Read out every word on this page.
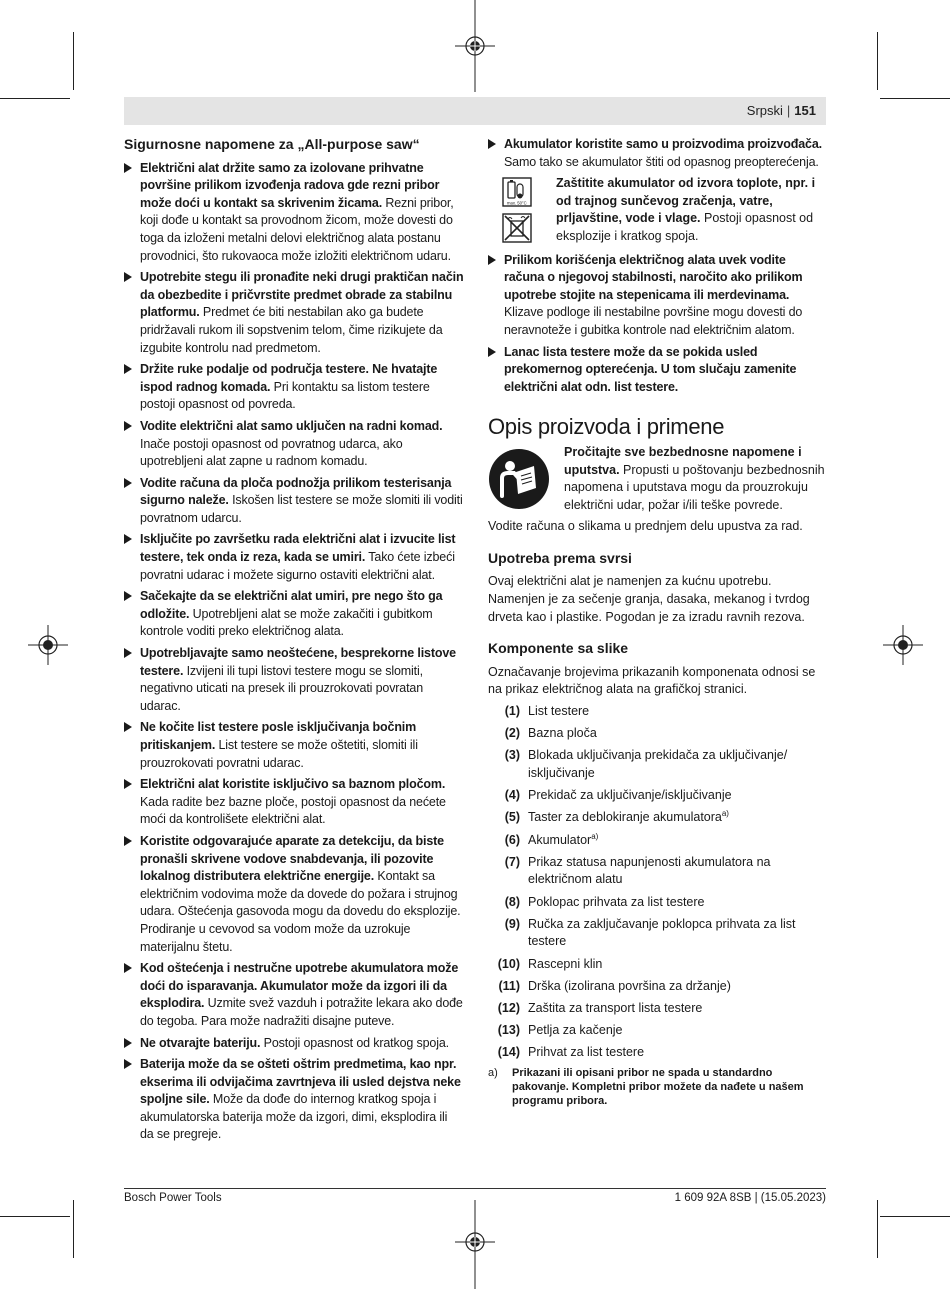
Srpski | 151
Sigurnosne napomene za „All-purpose saw“
Električni alat držite samo za izolovane prihvatne površine prilikom izvođenja radova gde rezni pribor može doći u kontakt sa skrivenim žicama. Rezni pribor, koji dođe u kontakt sa provodnom žicom, može dovesti do toga da izloženi metalni delovi električnog alata postanu provodnici, što rukovaoca može izložiti električnom udaru.
Upotrebite stegu ili pronađite neki drugi praktičan način da obezbedite i pričvrstite predmet obrade za stabilnu platformu. Predmet će biti nestabilan ako ga budete pridržavali rukom ili sopstvenim telom, čime rizikujete da izgubite kontrolu nad predmetom.
Držite ruke podalje od područja testere. Ne hvatajte ispod radnog komada. Pri kontaktu sa listom testere postoji opasnost od povreda.
Vodite električni alat samo uključen na radni komad. Inače postoji opasnost od povratnog udarca, ako upotrebljeni alat zapne u radnom komadu.
Vodite računa da ploča podnožja prilikom testerisanja sigurno naleže. Iskošen list testere se može slomiti ili voditi povratnom udarcu.
Isključite po završetku rada električni alat i izvucite list testere, tek onda iz reza, kada se umiri. Tako ćete izbeći povratni udarac i možete sigurno ostaviti električni alat.
Sačekajte da se električni alat umiri, pre nego što ga odložite. Upotrebljeni alat se može zakačiti i gubitkom kontrole voditi preko električnog alata.
Upotrebljavajte samo neoštećene, besprekorne listove testere. Izvijeni ili tupi listovi testere mogu se slomiti, negativno uticati na presek ili prouzrokovati povratan udarac.
Ne kočite list testere posle isključivanja bočnim pritiskanjem. List testere se može oštetiti, slomiti ili prouzrokovati povratni udarac.
Električni alat koristite isključivo sa baznom pločom. Kada radite bez bazne ploče, postoji opasnost da nećete moći da kontrolišete električni alat.
Koristite odgovarajuće aparate za detekciju, da biste pronašli skrivene vodove snabdevanja, ili pozovite lokalnog distributera električne energije. Kontakt sa električnim vodovima može da dovede do požara i strujnog udara. Oštećenja gasovoda mogu da dovedu do eksplozije. Prodiranje u cevovod sa vodom može da uzrokuje materijalnu štetu.
Kod oštećenja i nestručne upotrebe akumulatora može doći do isparavanja. Akumulator može da izgori ili da eksplodira. Uzmite svež vazduh i potražite lekara ako dođe do tegoba. Para može nadražiti disajne puteve.
Ne otvarajte bateriju. Postoji opasnost od kratkog spoja.
Baterija može da se ošteti oštrim predmetima, kao npr. ekserima ili odvijačima zavrtnjeva ili usled dejstva neke spoljne sile. Može da dođe do internog kratkog spoja i akumulatorska baterija može da izgori, dimi, eksplodira ili da se pregreje.
Akumulator koristite samo u proizvodima proizvođača. Samo tako se akumulator štiti od opasnog preopterećenja.
max. 50°C
Zaštitite akumulator od izvora toplote, npr. i od trajnog sunčevog zračenja, vatre, prljavštine, vode i vlage. Postoji opasnost od eksplozije i kratkog spoja.
Prilikom korišćenja električnog alata uvek vodite računa o njegovoj stabilnosti, naročito ako prilikom upotrebe stojite na stepenicama ili merdevinama. Klizave podloge ili nestabilne površine mogu dovesti do neravnoteže i gubitka kontrole nad električnim alatom.
Lanac lista testere može da se pokida usled prekomernog opterećenja. U tom slučaju zamenite električni alat odn. list testere.
Opis proizvoda i primene
Pročitajte sve bezbednosne napomene i uputstva. Propusti u poštovanju bezbednosnih napomena i uputstava mogu da prouzrokuju električni udar, požar i/ili teške povrede.
Vodite računa o slikama u prednjem delu upustva za rad.
Upotreba prema svrsi
Ovaj električni alat je namenjen za kućnu upotrebu. Namenjen je za sečenje granja, dasaka, mekanog i tvrdog drveta kao i plastike. Pogodan je za izradu ravnih rezova.
Komponente sa slike
Označavanje brojevima prikazanih komponenata odnosi se na prikaz električnog alata na grafičkoj stranici.
(1) List testere
(2) Bazna ploča
(3) Blokada uključivanja prekidača za uključivanje/ isključivanje
(4) Prekidač za uključivanje/isključivanje
(5) Taster za deblokiranje akumulatora$^{a)}$
(6) Akumulator$^{a)}$
(7) Prikaz statusa napunjenosti akumulatora na električnom alatu
(8) Poklopac prihvata za list testere
(9) Ručka za zaključavanje poklopca prihvata za list testere
(10) Rascepni klin
(11) Drška (izolirana površina za držanje)
(12) Zaštita za transport lista testere
(13) Petlja za kačenje
(14) Prihvat za list testere
a)	Prikazani ili opisani pribor ne spada u standardno pakovanje. Kompletni pribor možete da nađete u našem programu pribora.
Bosch Power Tools	1 609 92A 8SB | (15.05.2023)
